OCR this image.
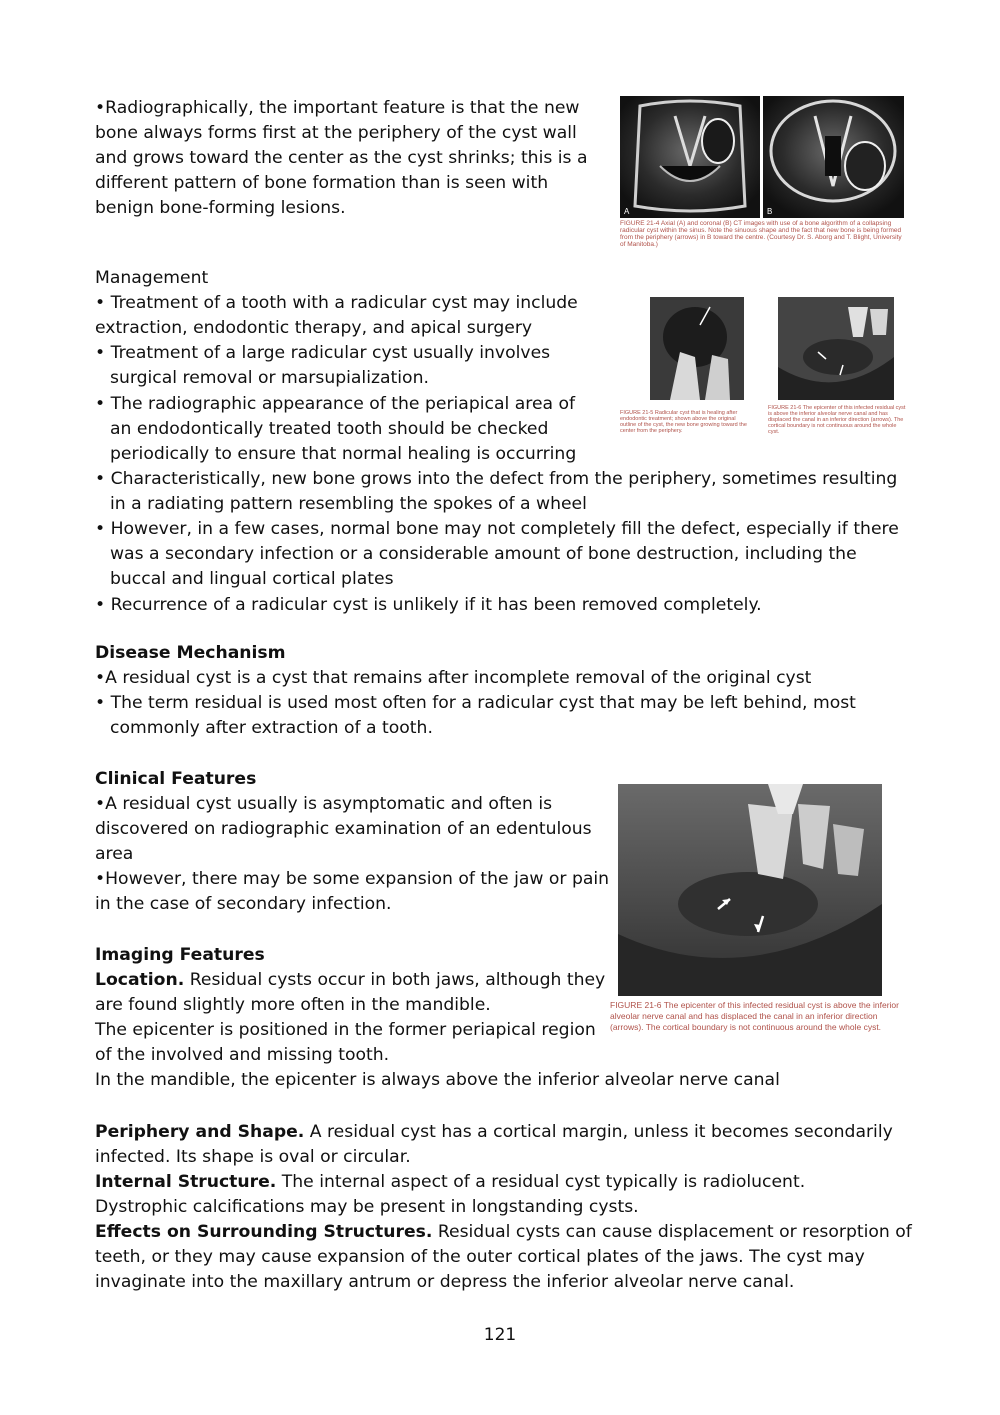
•Radiographically, the important feature is that the new
bone always forms first at the periphery of the cyst wall
and grows toward the center as the cyst shrinks; this is a
different pattern of bone formation than is seen with
benign bone-forming lesions.	A	B
FIGURE 21-4 Axial (A) and coronal (B) CT images with use of a bone algorithm of a collapsing radicular cyst within the sinus. Note the sinuous shape and the fact that new bone is being formed from the periphery (arrows) in B toward the centre. (Courtesy Dr. S. Aborg and T. Blight, University of Manitoba.)
Management
• Treatment of a tooth with a radicular cyst may include
extraction, endodontic therapy, and apical surgery
• Treatment of a large radicular cyst usually involves
surgical removal or marsupialization.
• The radiographic appearance of the periapical area of
an endodontically treated tooth should be checked
periodically to ensure that normal healing is occurring
• Characteristically, new bone grows into the defect from the periphery, sometimes resulting
in a radiating pattern resembling the spokes of a wheel
• However, in a few cases, normal bone may not completely fill the defect, especially if there
was a secondary infection or a considerable amount of bone destruction, including the
buccal and lingual cortical plates
• Recurrence of a radicular cyst is unlikely if it has been removed completely.
FIGURE 21-5 Radicular cyst that is healing after endodontic treatment; shown above the original outline of the cyst, the new bone growing toward the center from the periphery.
FIGURE 21-6 The epicenter of this infected residual cyst is above the inferior alveolar nerve canal and has displaced the canal in an inferior direction (arrows). The cortical boundary is not continuous around the whole cyst.
Disease Mechanism
•A residual cyst is a cyst that remains after incomplete removal of the original cyst
• The term residual is used most often for a radicular cyst that may be left behind, most
commonly after extraction of a tooth.
Clinical Features
•A residual cyst usually is asymptomatic and often is
discovered on radiographic examination of an edentulous
area
•However, there may be some expansion of the jaw or pain
in the case of secondary infection.
FIGURE 21-6 The epicenter of this infected residual cyst is above the inferior alveolar nerve canal and has displaced the canal in an inferior direction (arrows). The cortical boundary is not continuous around the whole cyst.
Imaging Features
Location. Residual cysts occur in both jaws, although they
are found slightly more often in the mandible.
The epicenter is positioned in the former periapical region
of the involved and missing tooth.
In the mandible, the epicenter is always above the inferior alveolar nerve canal
Periphery and Shape. A residual cyst has a cortical margin, unless it becomes secondarily
infected. Its shape is oval or circular.
Internal Structure. The internal aspect of a residual cyst typically is radiolucent.
Dystrophic calcifications may be present in longstanding cysts.
Effects on Surrounding Structures. Residual cysts can cause displacement or resorption of
teeth, or they may cause expansion of the outer cortical plates of the jaws. The cyst may
invaginate into the maxillary antrum or depress the inferior alveolar nerve canal.
121
